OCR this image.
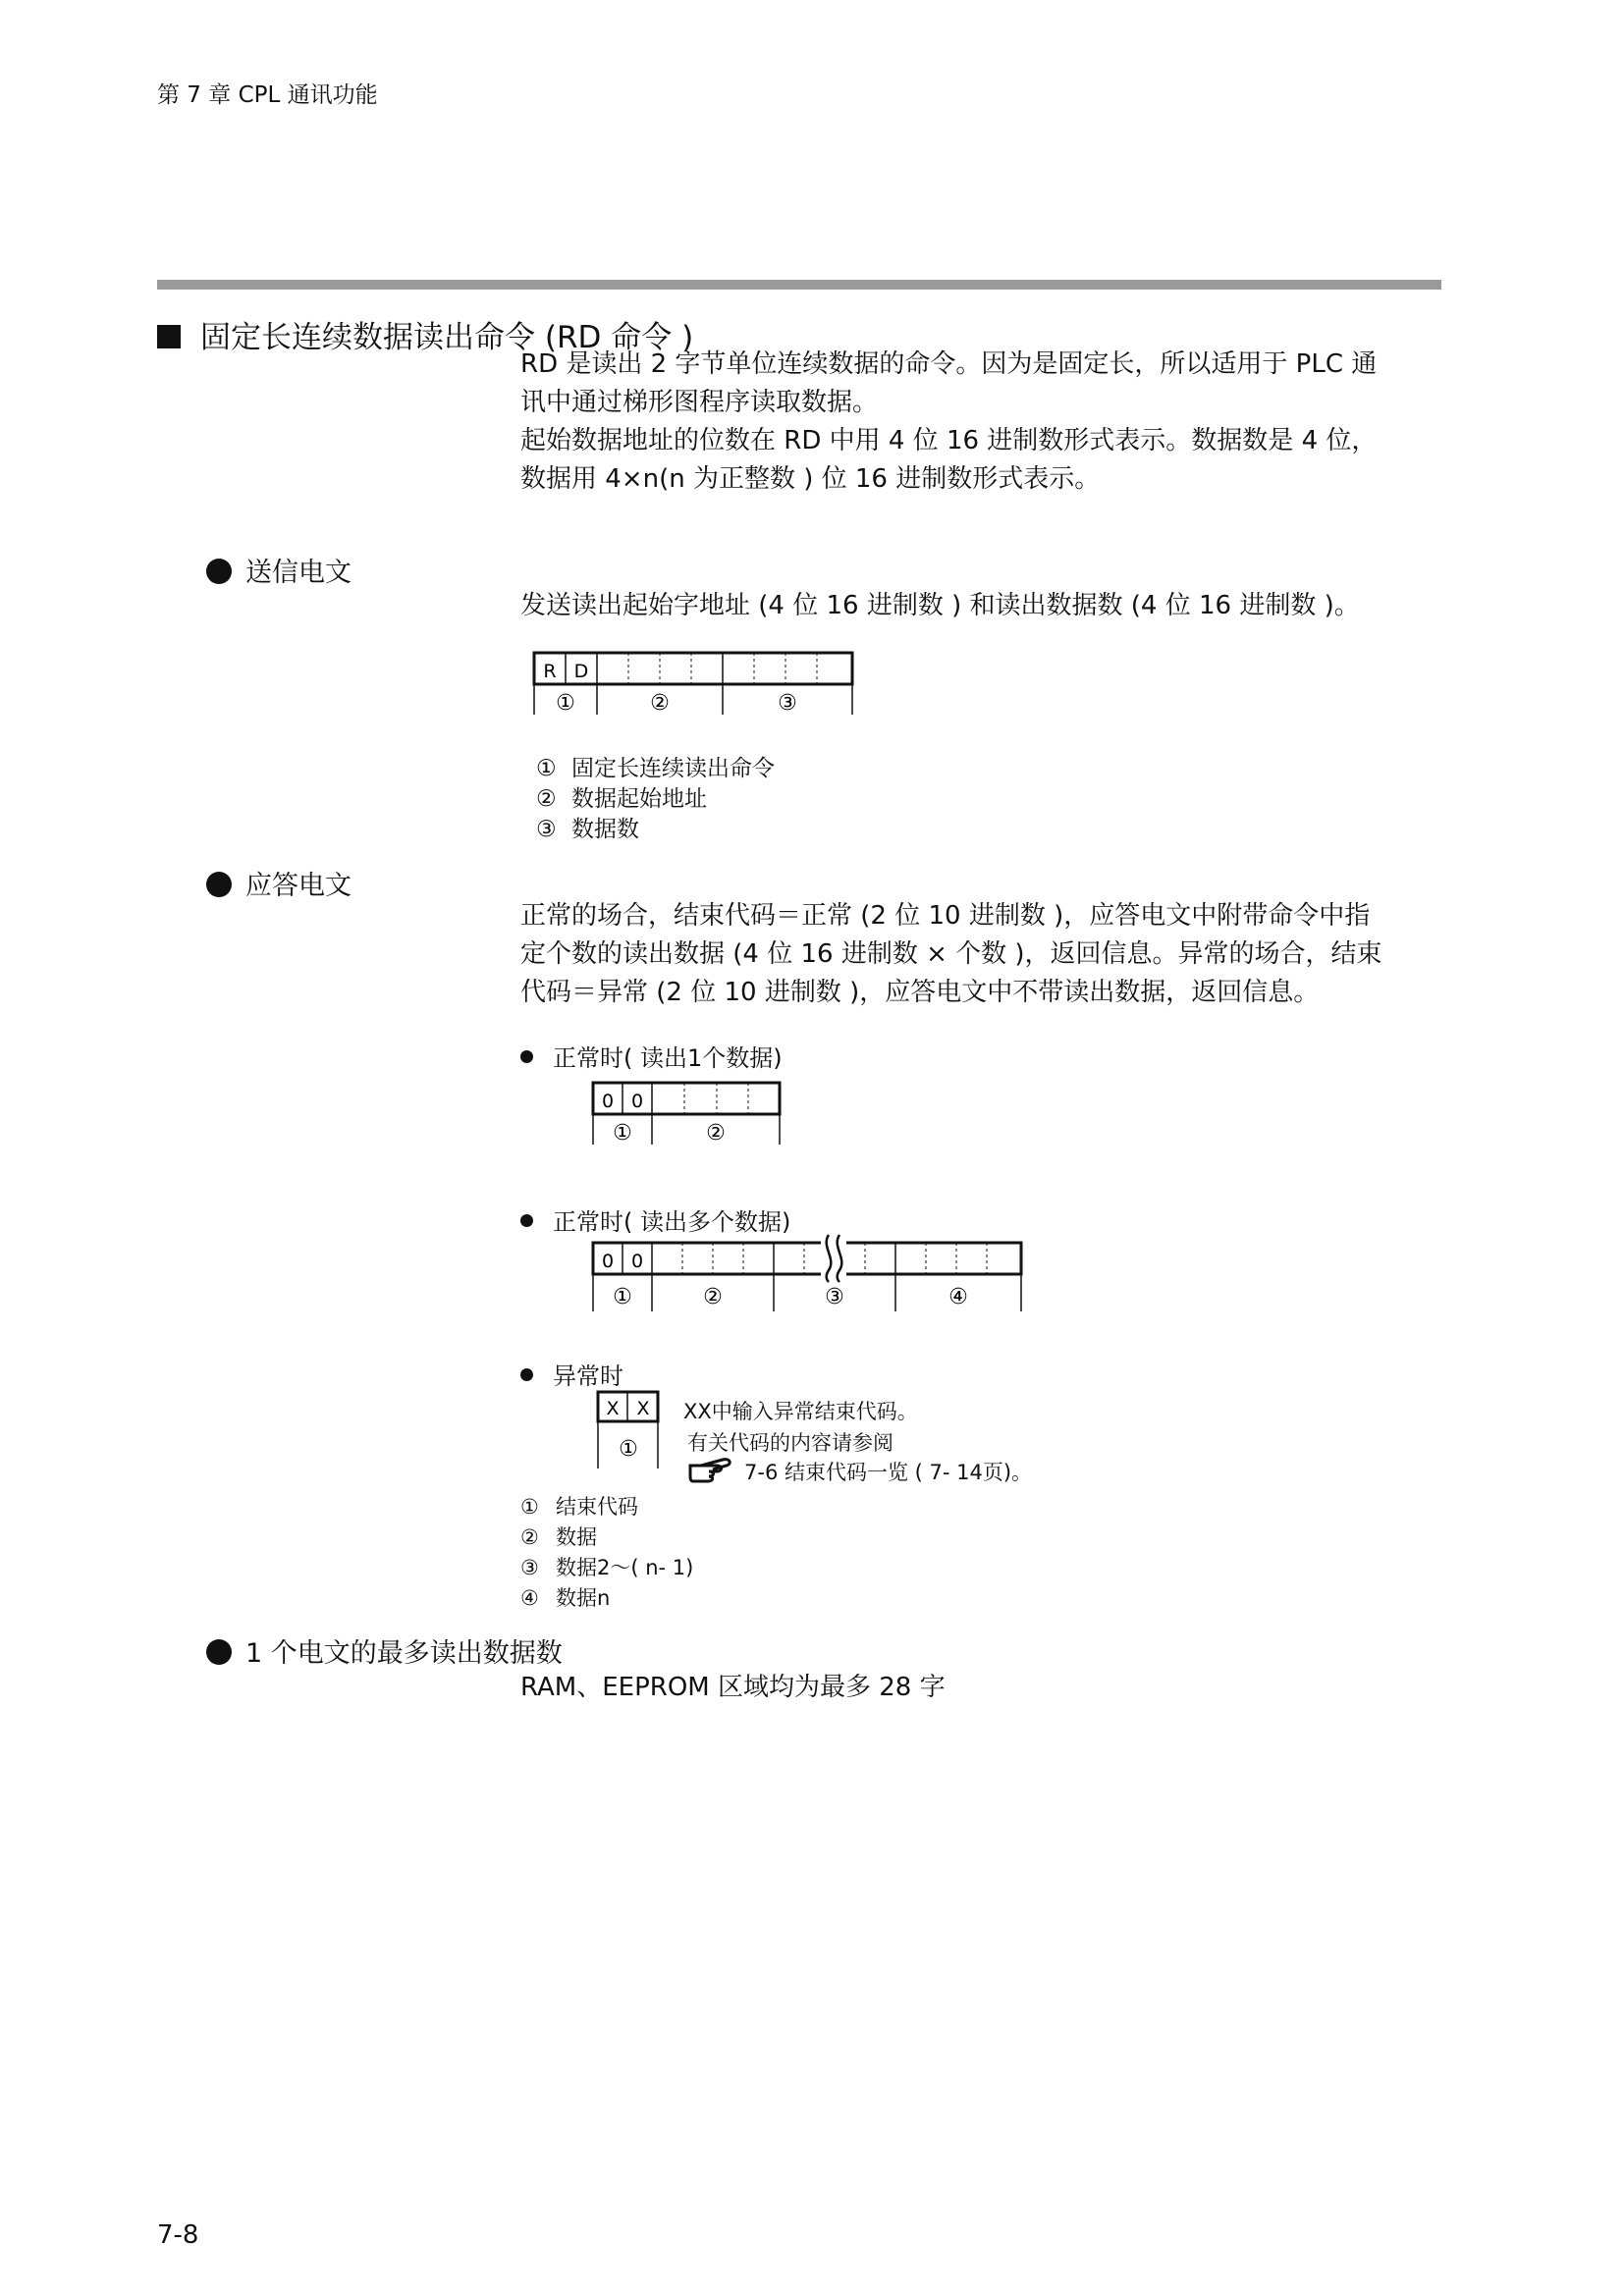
第 7 章 CPL 通讯功能
固定长连续数据读出命令 (RD 命令 )
RD 是读出 2 字节单位连续数据的命令。因为是固定长，所以适用于 PLC 通
讯中通过梯形图程序读取数据。
起始数据地址的位数在 RD 中用 4 位 16 进制数形式表示。数据数是 4 位，
数据用 4×n(n 为正整数 ) 位 16 进制数形式表示。
送信电文
发送读出起始字地址 (4 位 16 进制数 ) 和读出数据数 (4 位 16 进制数 )。
R D
①	②	③
① 固定长连续读出命令
② 数据起始地址
③ 数据数
应答电文
正常的场合，结束代码＝正常 (2 位 10 进制数 )，应答电文中附带命令中指
定个数的读出数据 (4 位 16 进制数 × 个数 )，返回信息。异常的场合，结束
代码＝异常 (2 位 10 进制数 )，应答电文中不带读出数据，返回信息。
正常时( 读出1个数据)
0 0
①	②
正常时( 读出多个数据)
0 0
①	②	③	④
异常时
X X
①
XX中输入异常结束代码。
有关代码的内容请参阅
7-6 结束代码一览 ( 7- 14页)。
① 结束代码
② 数据
③ 数据2～( n- 1)
④ 数据n
1 个电文的最多读出数据数
RAM、EEPROM 区域均为最多 28 字
7-8
